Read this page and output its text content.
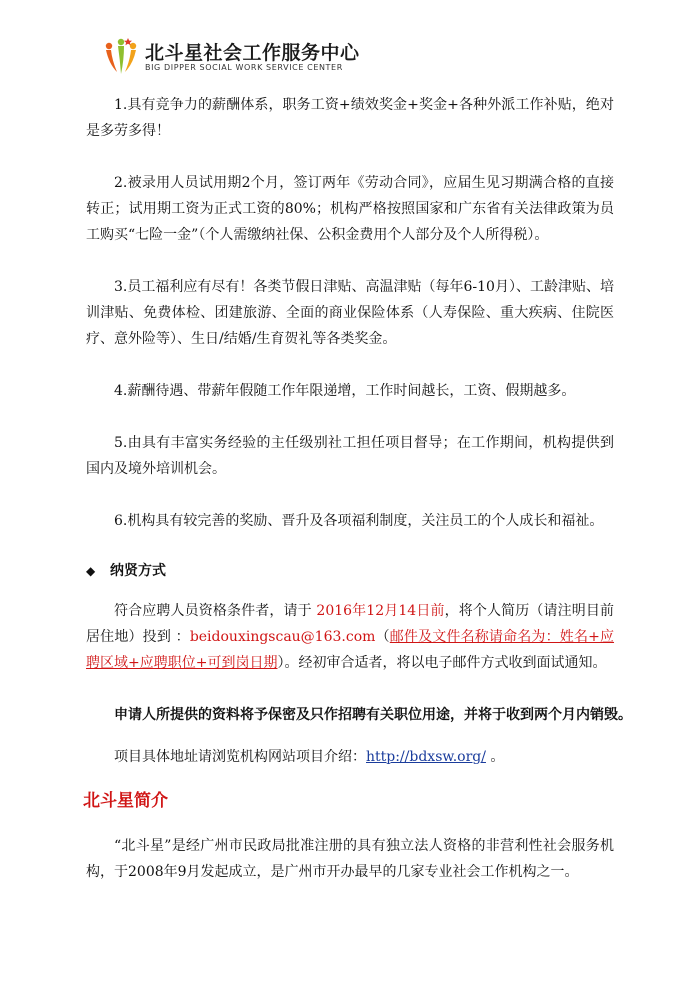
北斗星社会工作服务中心
BIG DIPPER SOCIAL WORK SERVICE CENTER

1.具有竞争力的薪酬体系，职务工资+绩效奖金+奖金+各种外派工作补贴，绝对是多劳多得！

2.被录用人员试用期2个月，签订两年《劳动合同》，应届生见习期满合格的直接转正；试用期工资为正式工资的80%；机构严格按照国家和广东省有关法律政策为员工购买“七险一金”（个人需缴纳社保、公积金费用个人部分及个人所得税）。

3.员工福利应有尽有！各类节假日津贴、高温津贴（每年6-10月）、工龄津贴、培训津贴、免费体检、团建旅游、全面的商业保险体系（人寿保险、重大疾病、住院医疗、意外险等）、生日/结婚/生育贺礼等各类奖金。

4.薪酬待遇、带薪年假随工作年限递增，工作时间越长，工资、假期越多。

5.由具有丰富实务经验的主任级别社工担任项目督导；在工作期间，机构提供到国内及境外培训机会。

6.机构具有较完善的奖励、晋升及各项福利制度，关注员工的个人成长和福祉。

◆ 纳贤方式

符合应聘人员资格条件者，请于 2016年12月14日前，将个人简历（请注明目前居住地）投到 ：beidouxingscau@163.com（邮件及文件名称请命名为：姓名+应聘区域+应聘职位+可到岗日期）。经初审合适者，将以电子邮件方式收到面试通知。

申请人所提供的资料将予保密及只作招聘有关职位用途，并将于收到两个月内销毁。

项目具体地址请浏览机构网站项目介绍：http://bdxsw.org/ 。

北斗星简介

“北斗星”是经广州市民政局批准注册的具有独立法人资格的非营利性社会服务机构，于2008年9月发起成立，是广州市开办最早的几家专业社会工作机构之一。
